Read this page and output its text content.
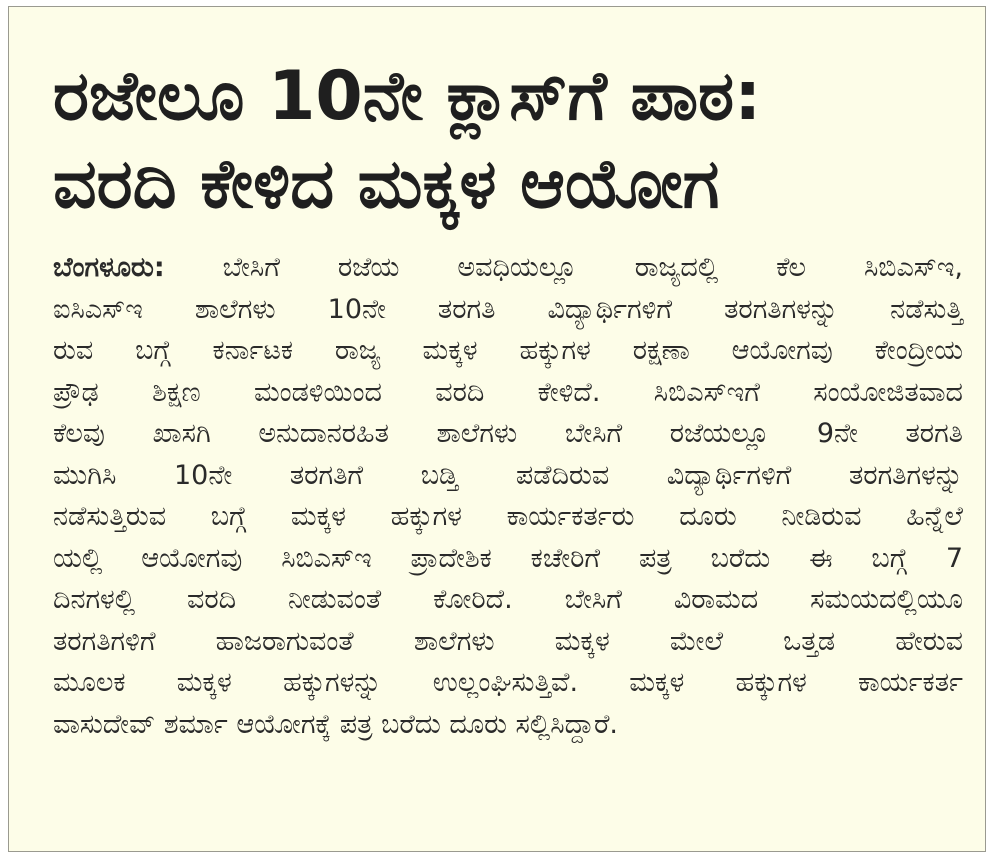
ರಜೇಲೂ 10ನೇ ಕ್ಲಾಸ್‌ಗೆ ಪಾಠ:
ವರದಿ ಕೇಳಿದ ಮಕ್ಕಳ ಆಯೋಗ
ಬೆಂಗಳೂರು: ಬೇಸಿಗೆ ರಜೆಯ ಅವಧಿಯಲ್ಲೂ ರಾಜ್ಯದಲ್ಲಿ ಕೆಲ ಸಿಬಿಎಸ್‌ಇ,
ಐಸಿಎಸ್‌ಇ ಶಾಲೆಗಳು 10ನೇ ತರಗತಿ ವಿದ್ಯಾರ್ಥಿಗಳಿಗೆ ತರಗತಿಗಳನ್ನು ನಡೆಸುತ್ತಿ
ರುವ ಬಗ್ಗೆ ಕರ್ನಾಟಕ ರಾಜ್ಯ ಮಕ್ಕಳ ಹಕ್ಕುಗಳ ರಕ್ಷಣಾ ಆಯೋಗವು ಕೇಂದ್ರೀಯ
ಪ್ರೌಢ ಶಿಕ್ಷಣ ಮಂಡಳಿಯಿಂದ ವರದಿ ಕೇಳಿದೆ. ಸಿಬಿಎಸ್‌ಇಗೆ ಸಂಯೋಜಿತವಾದ
ಕೆಲವು ಖಾಸಗಿ ಅನುದಾನರಹಿತ ಶಾಲೆಗಳು ಬೇಸಿಗೆ ರಜೆಯಲ್ಲೂ 9ನೇ ತರಗತಿ
ಮುಗಿಸಿ 10ನೇ ತರಗತಿಗೆ ಬಡ್ತಿ ಪಡೆದಿರುವ ವಿದ್ಯಾರ್ಥಿಗಳಿಗೆ ತರಗತಿಗಳನ್ನು
ನಡೆಸುತ್ತಿರುವ ಬಗ್ಗೆ ಮಕ್ಕಳ ಹಕ್ಕುಗಳ ಕಾರ್ಯಕರ್ತರು ದೂರು ನೀಡಿರುವ ಹಿನ್ನೆಲೆ
ಯಲ್ಲಿ ಆಯೋಗವು ಸಿಬಿಎಸ್‌ಇ ಪ್ರಾದೇಶಿಕ ಕಚೇರಿಗೆ ಪತ್ರ ಬರೆದು ಈ ಬಗ್ಗೆ 7
ದಿನಗಳಲ್ಲಿ ವರದಿ ನೀಡುವಂತೆ ಕೋರಿದೆ. ಬೇಸಿಗೆ ವಿರಾಮದ ಸಮಯದಲ್ಲಿಯೂ
ತರಗತಿಗಳಿಗೆ ಹಾಜರಾಗುವಂತೆ ಶಾಲೆಗಳು ಮಕ್ಕಳ ಮೇಲೆ ಒತ್ತಡ ಹೇರುವ
ಮೂಲಕ ಮಕ್ಕಳ ಹಕ್ಕುಗಳನ್ನು ಉಲ್ಲಂಘಿಸುತ್ತಿವೆ. ಮಕ್ಕಳ ಹಕ್ಕುಗಳ ಕಾರ್ಯಕರ್ತ
ವಾಸುದೇವ್ ಶರ್ಮಾ ಆಯೋಗಕ್ಕೆ ಪತ್ರ ಬರೆದು ದೂರು ಸಲ್ಲಿಸಿದ್ದಾರೆ.
